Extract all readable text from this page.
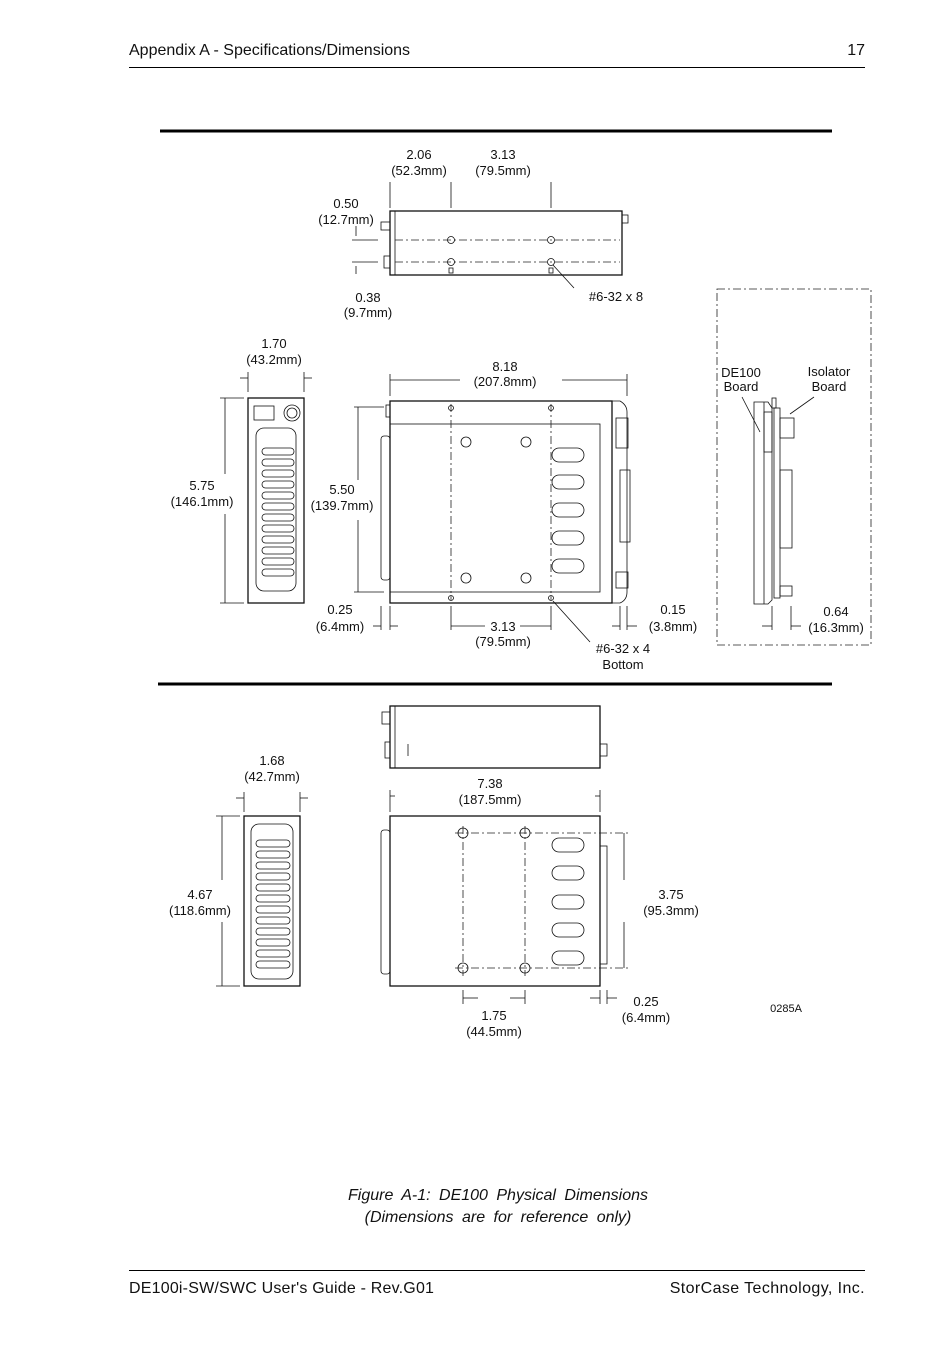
Appendix A - Specifications/Dimensions	17
2.06
(52.3mm)
3.13
(79.5mm)
0.50
(12.7mm)
0.38
(9.7mm)
#6-32 x 8
1.70
(43.2mm)
5.75
(146.1mm)
8.18
(207.8mm)
5.50
(139.7mm)
0.25
(6.4mm)	3.13
(79.5mm)
0.15
(3.8mm)
#6-32 x 4
Bottom
DE100
Board
Isolator
Board
0.64
(16.3mm)
1.68
(42.7mm)
4.67
(118.6mm)
7.38
(187.5mm)
3.75
(95.3mm)
1.75
(44.5mm)
0.25
(6.4mm)
0285A
Figure A-1: DE100 Physical Dimensions
(Dimensions are for reference only)
DE100i-SW/SWC User's Guide - Rev.G01	StorCase Technology, Inc.
